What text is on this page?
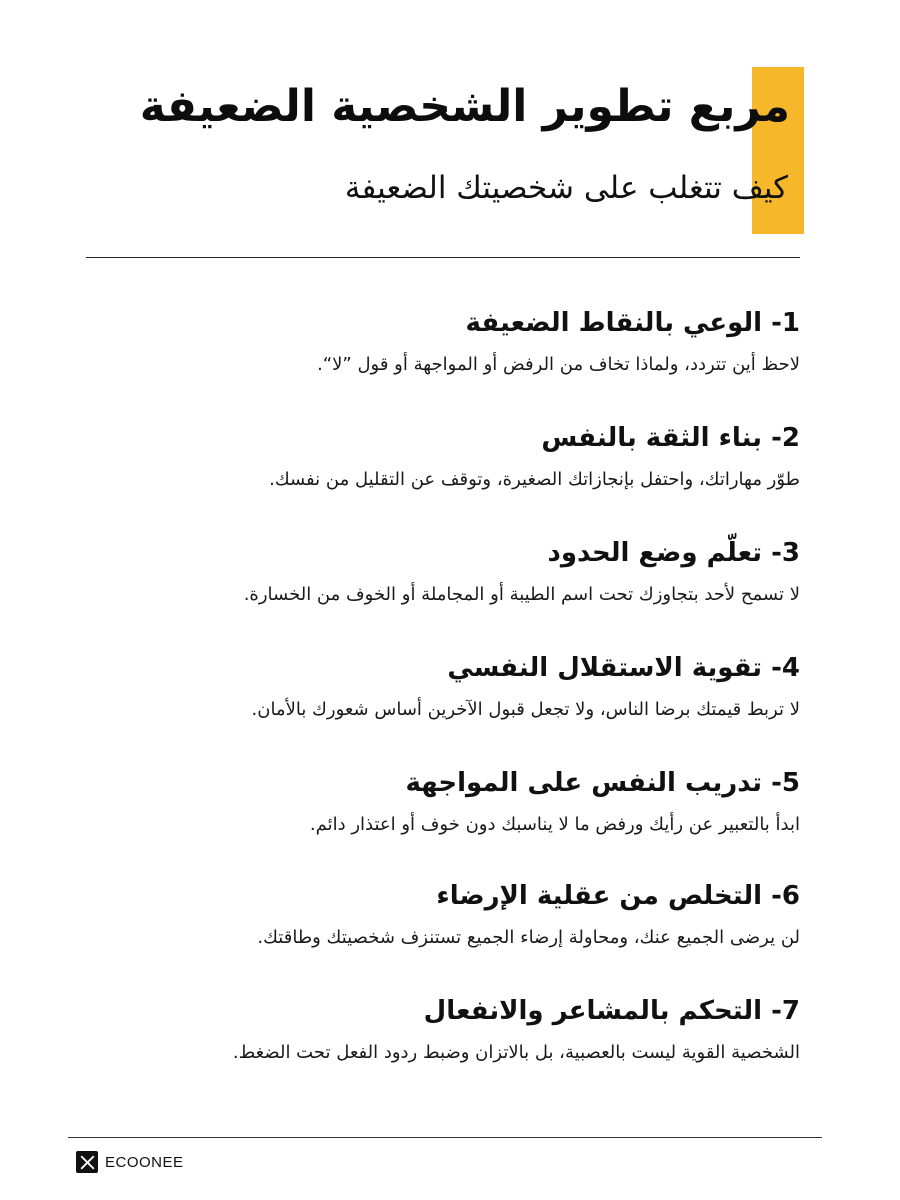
مربع تطوير الشخصية الضعيفة
كيف تتغلب على شخصيتك الضعيفة
1- الوعي بالنقاط الضعيفة
لاحظ أين تتردد، ولماذا تخاف من الرفض أو المواجهة أو قول ”لا“.
2- بناء الثقة بالنفس
طوّر مهاراتك، واحتفل بإنجازاتك الصغيرة، وتوقف عن التقليل من نفسك.
3- تعلّم وضع الحدود
لا تسمح لأحد بتجاوزك تحت اسم الطيبة أو المجاملة أو الخوف من الخسارة.
4- تقوية الاستقلال النفسي
لا تربط قيمتك برضا الناس، ولا تجعل قبول الآخرين أساس شعورك بالأمان.
5- تدريب النفس على المواجهة
ابدأ بالتعبير عن رأيك ورفض ما لا يناسبك دون خوف أو اعتذار دائم.
6- التخلص من عقلية الإرضاء
لن يرضى الجميع عنك، ومحاولة إرضاء الجميع تستنزف شخصيتك وطاقتك.
7- التحكم بالمشاعر والانفعال
الشخصية القوية ليست بالعصبية، بل بالاتزان وضبط ردود الفعل تحت الضغط.
ECOONEE
